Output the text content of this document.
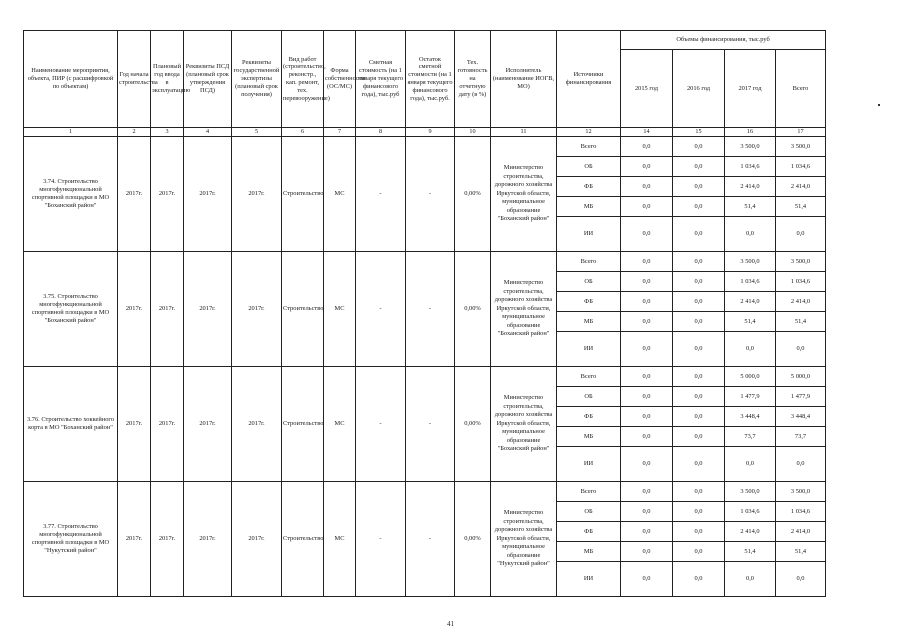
Наименование мероприятия, объекта, ПИР (с расшифровкой по объектам)	Год начала строительства	Плановый год ввода в эксплуатацию	Реквизиты ПСД (плановый срок утверждения ПСД)	Реквизиты государственной экспертизы (плановый срок получения)	Вид работ (строительство, реконстр., кап. ремонт, тех. перевооружение)	Форма собственности (ОС/МС)	Сметная стоимость (на 1 января текущего финансового года), тыс.руб	Остаток сметной стоимости (на 1 января текущего финансового года), тыс.руб.	Тех. готовность на отчетную дату (в %)	Исполнитель (наименование ИОГВ, МО)	Источники финансирования	Объемы финансирования, тыс.руб			
												2015 год	2016 год	2017 год	Всего
1	2	3	4	5	6	7	8	9	10	11	12	14	15	16	17
3.74. Строительство многофункциональной спортивной площадки в МО "Боханский район"	2017г.	2017г.	2017г.	2017г.	Строительство	МС	-	-	0,00%	Министерство строительства, дорожного хозяйства Иркутской области, муниципальное образование "Боханский район"	Всего	0,0	0,0	3 500,0	3 500,0
											ОБ	0,0	0,0	1 034,6	1 034,6
											ФБ	0,0	0,0	2 414,0	2 414,0
											МБ	0,0	0,0	51,4	51,4
											ИИ	0,0	0,0	0,0	0,0
3.75. Строительство многофункциональной спортивной площадки в МО "Боханский район"	2017г.	2017г.	2017г.	2017г.	Строительство	МС	-	-	0,00%	Министерство строительства, дорожного хозяйства Иркутской области, муниципальное образование "Боханский район"	Всего	0,0	0,0	3 500,0	3 500,0
											ОБ	0,0	0,0	1 034,6	1 034,6
											ФБ	0,0	0,0	2 414,0	2 414,0
											МБ	0,0	0,0	51,4	51,4
											ИИ	0,0	0,0	0,0	0,0
3.76. Строительство хоккейного корта в МО "Боханский район"	2017г.	2017г.	2017г.	2017г.	Строительство	МС	-	-	0,00%	Министерство строительства, дорожного хозяйства Иркутской области, муниципальное образование "Боханский район"	Всего	0,0	0,0	5 000,0	5 000,0
											ОБ	0,0	0,0	1 477,9	1 477,9
											ФБ	0,0	0,0	3 448,4	3 448,4
											МБ	0,0	0,0	73,7	73,7
											ИИ	0,0	0,0	0,0	0,0
3.77. Строительство многофункциональной спортивной площадки в МО "Нукутский район"	2017г.	2017г.	2017г.	2017г.	Строительство	МС	-	-	0,00%	Министерство строительства, дорожного хозяйства Иркутской области, муниципальное образование "Нукутский район"	Всего	0,0	0,0	3 500,0	3 500,0
											ОБ	0,0	0,0	1 034,6	1 034,6
											ФБ	0,0	0,0	2 414,0	2 414,0
											МБ	0,0	0,0	51,4	51,4
											ИИ	0,0	0,0	0,0	0,0
41
